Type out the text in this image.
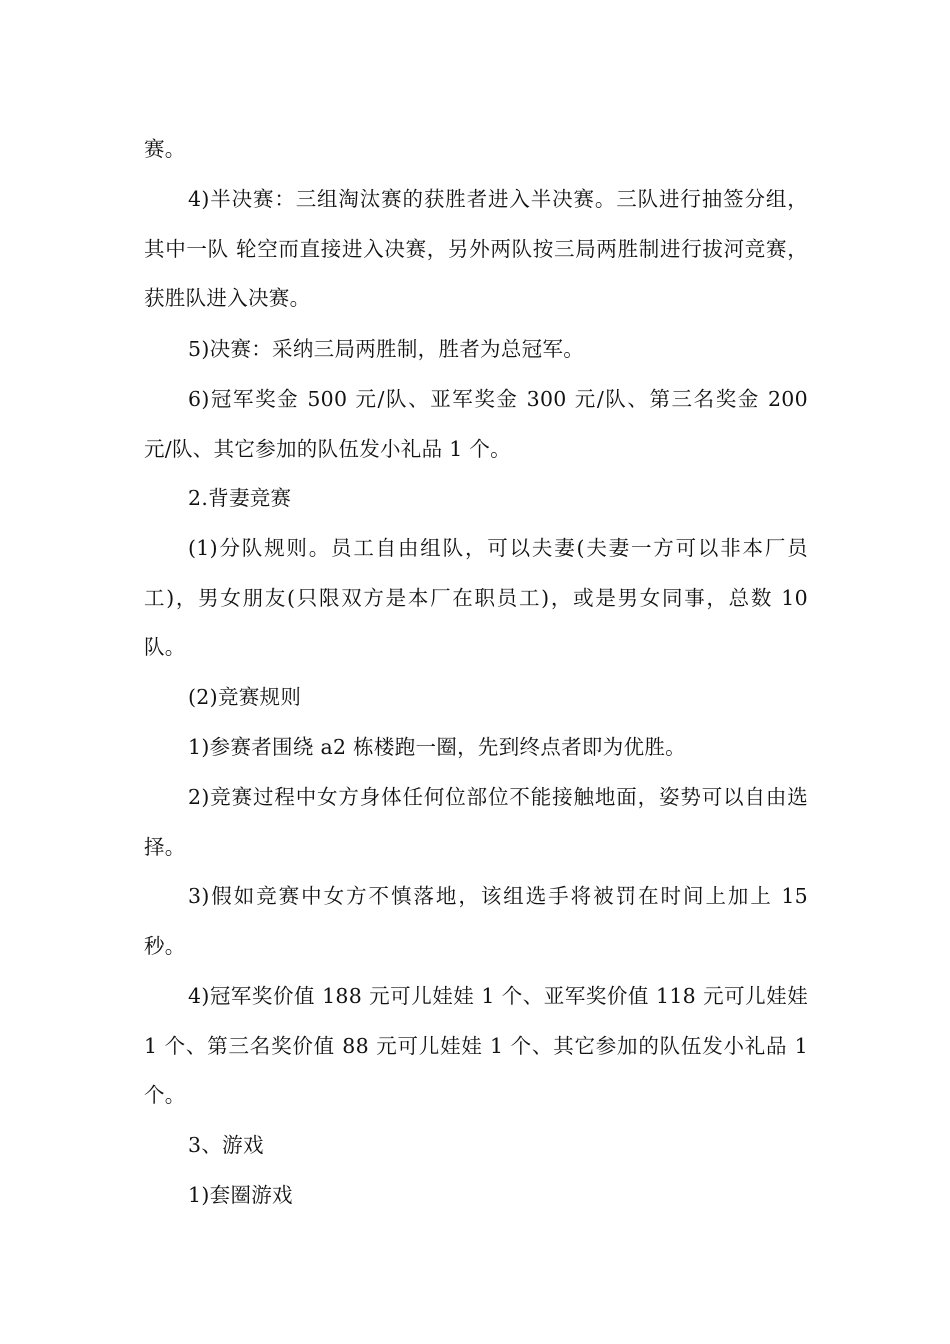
赛。

4)半决赛：三组淘汰赛的获胜者进入半决赛。三队进行抽签分组，其中一队 轮空而直接进入决赛，另外两队按三局两胜制进行拔河竞赛，获胜队进入决赛。

5)决赛：采纳三局两胜制，胜者为总冠军。

6)冠军奖金 500 元/队、亚军奖金 300 元/队、第三名奖金 200 元/队、其它参加的队伍发小礼品 1 个。

2.背妻竞赛

(1)分队规则。员工自由组队，可以夫妻(夫妻一方可以非本厂员工)，男女朋友(只限双方是本厂在职员工)，或是男女同事，总数 10 队。

(2)竞赛规则

1)参赛者围绕 a2 栋楼跑一圈，先到终点者即为优胜。

2)竞赛过程中女方身体任何位部位不能接触地面，姿势可以自由选择。

3)假如竞赛中女方不慎落地，该组选手将被罚在时间上加上 15 秒。

4)冠军奖价值 188 元可儿娃娃 1 个、亚军奖价值 118 元可儿娃娃 1 个、第三名奖价值 88 元可儿娃娃 1 个、其它参加的队伍发小礼品 1 个。

3、游戏

1)套圈游戏
